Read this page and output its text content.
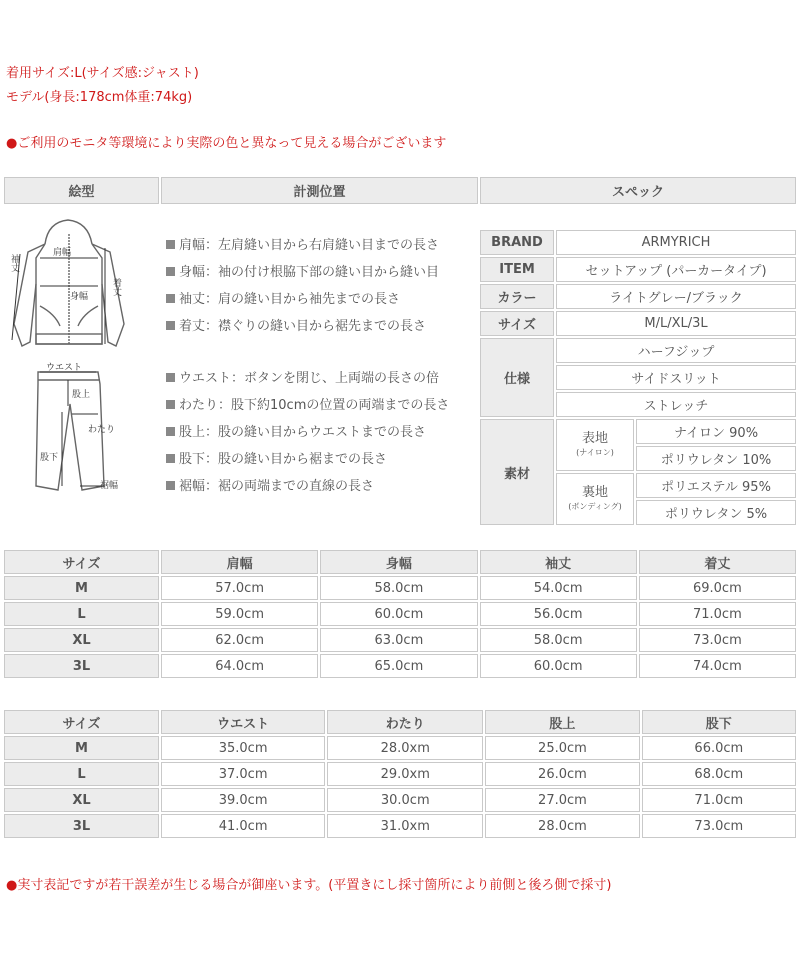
着用サイズ:L(サイズ感:ジャスト)
モデル(身長:178cm体重:74kg)
●ご利用のモニタ等環境により実際の色と異なって見える場合がございます
絵型	計測位置	スペック
肩幅
袖丈
身幅
着丈
ウエスト
股上
わたり
股下
裾幅
肩幅：左肩縫い目から右肩縫い目までの長さ
身幅：袖の付け根脇下部の縫い目から縫い目
袖丈：肩の縫い目から袖先までの長さ
着丈：襟ぐりの縫い目から裾先までの長さ
ウエスト：ボタンを閉じ、上両端の長さの倍
わたり：股下約10cmの位置の両端までの長さ
股上：股の縫い目からウエストまでの長さ
股下：股の縫い目から裾までの長さ
裾幅：裾の両端までの直線の長さ
BRAND	ARMYRICH	
ITEM	セットアップ (パーカータイプ)	
カラー	ライトグレー/ブラック	
サイズ	M/L/XL/3L	
仕様	ハーフジップ	
	サイドスリット	
	ストレッチ	
素材	表地
(ナイロン)	ナイロン 90%
		ポリウレタン 10%
	裏地
(ボンディング)	ポリエステル 95%
		ポリウレタン 5%
サイズ	肩幅	身幅	袖丈	着丈
M	57.0cm	58.0cm	54.0cm	69.0cm
L	59.0cm	60.0cm	56.0cm	71.0cm
XL	62.0cm	63.0cm	58.0cm	73.0cm
3L	64.0cm	65.0cm	60.0cm	74.0cm
サイズ	ウエスト	わたり	股上	股下
M	35.0cm	28.0xm	25.0cm	66.0cm
L	37.0cm	29.0xm	26.0cm	68.0cm
XL	39.0cm	30.0cm	27.0cm	71.0cm
3L	41.0cm	31.0xm	28.0cm	73.0cm
●実寸表記ですが若干誤差が生じる場合が御座います。(平置きにし採寸箇所により前側と後ろ側で採寸)
